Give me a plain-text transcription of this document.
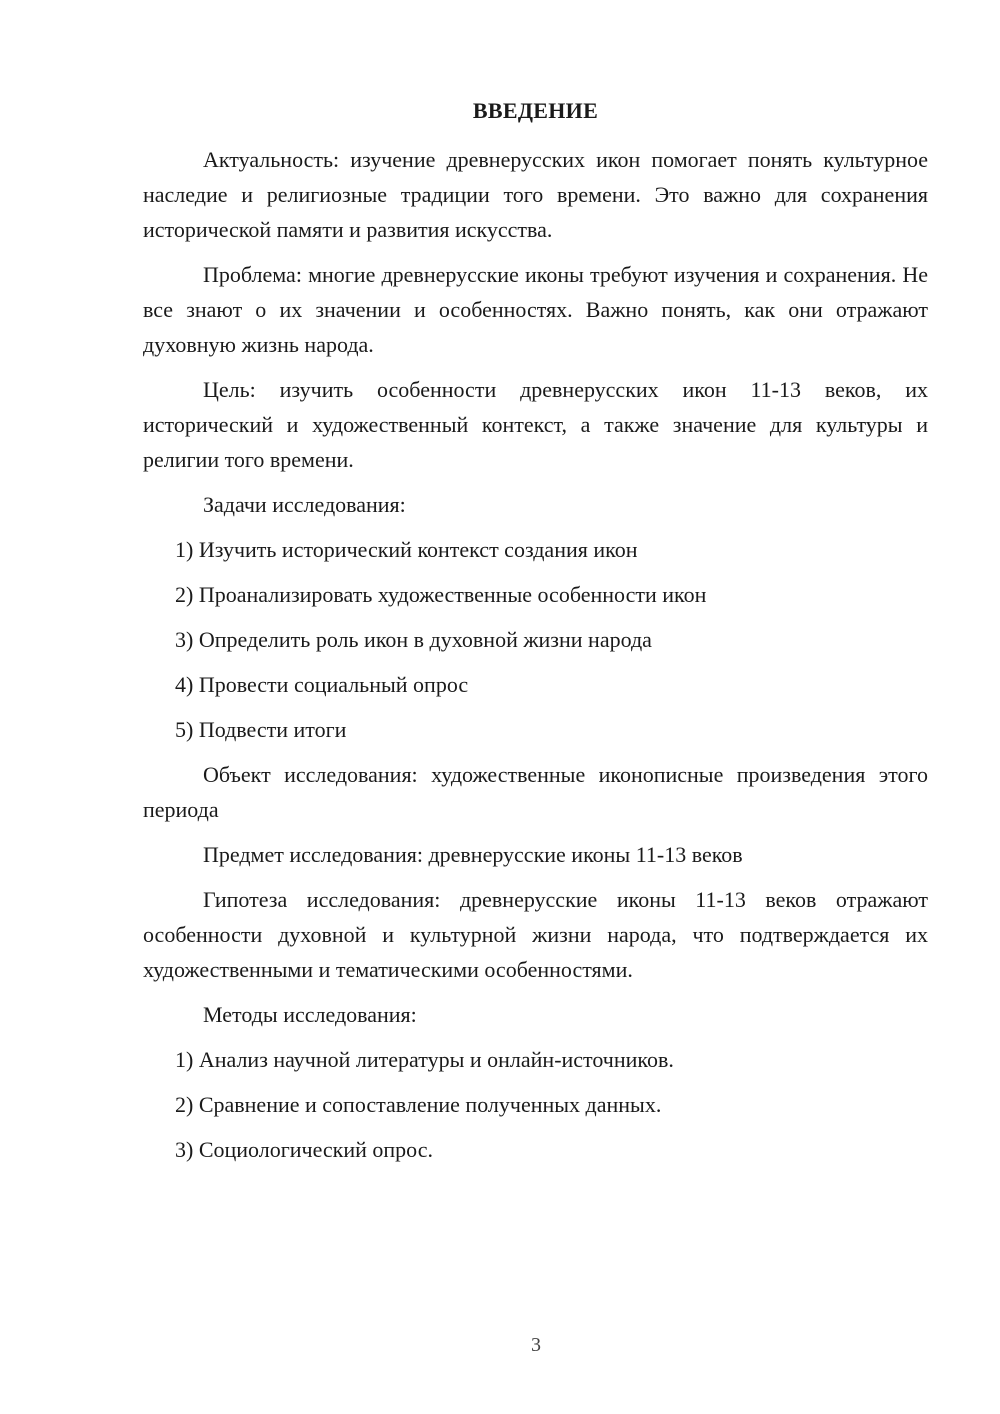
ВВЕДЕНИЕ

Актуальность: изучение древнерусских икон помогает понять культурное наследие и религиозные традиции того времени. Это важно для сохранения исторической памяти и развития искусства.

Проблема: многие древнерусские иконы требуют изучения и сохранения. Не все знают о их значении и особенностях. Важно понять, как они отражают духовную жизнь народа.

Цель: изучить особенности древнерусских икон 11-13 веков, их исторический и художественный контекст, а также значение для культуры и религии того времени.

Задачи исследования:

1) Изучить исторический контекст создания икон

2) Проанализировать художественные особенности икон

3) Определить роль икон в духовной жизни народа

4) Провести социальный опрос

5) Подвести итоги

Объект исследования: художественные иконописные произведения этого периода

Предмет исследования: древнерусские иконы 11-13 веков

Гипотеза исследования: древнерусские иконы 11-13 веков отражают особенности духовной и культурной жизни народа, что подтверждается их художественными и тематическими особенностями.

Методы исследования:

1) Анализ научной литературы и онлайн-источников.

2) Сравнение и сопоставление полученных данных.

3) Социологический опрос.

3
